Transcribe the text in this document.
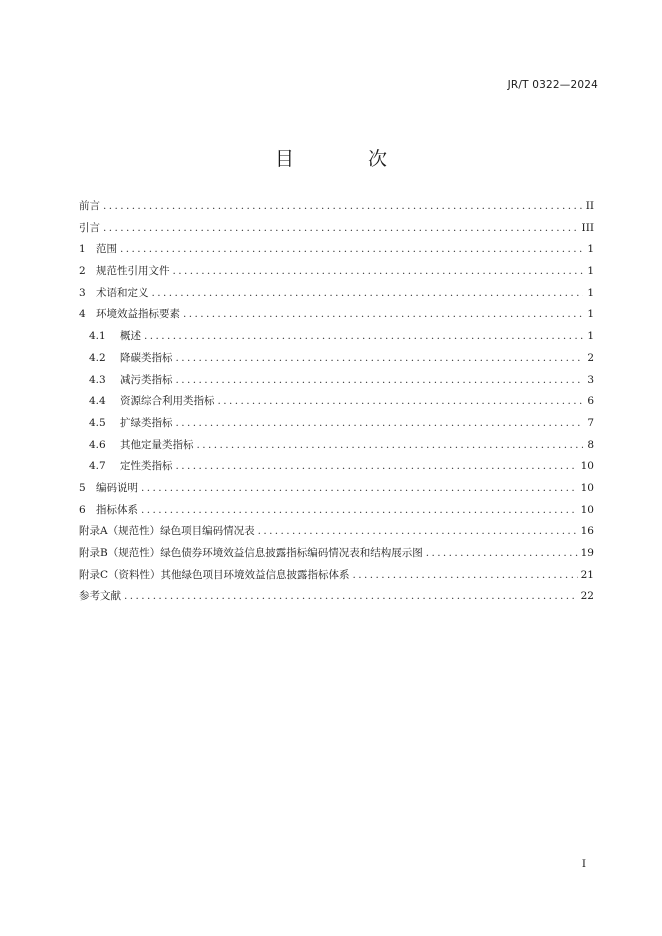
JR/T 0322—2024
目 次
前言 .....	II
引言 .....	III
1 范围 .....	1
2 规范性引用文件 .....	1
3 术语和定义 .....	1
4 环境效益指标要素 .....	1
4.1	概述 .....	1
4.2	降碳类指标 .....	2
4.3	减污类指标 .....	3
4.4	资源综合利用类指标 .....	6
4.5	扩绿类指标 .....	7
4.6	其他定量类指标 .....	8
4.7	定性类指标 .....	10
5 编码说明 .....	10
6 指标体系 .....	10
附录A（规范性）绿色项目编码情况表 .....	16
附录B（规范性）绿色债券环境效益信息披露指标编码情况表和结构展示图 .....	19
附录C（资料性）其他绿色项目环境效益信息披露指标体系 .....	21
参考文献 .....	22
I
